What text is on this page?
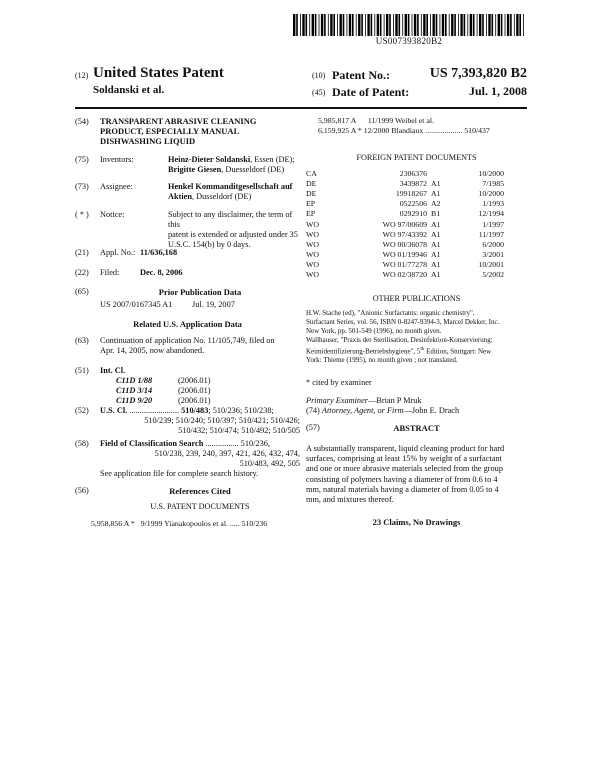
US007393820B2
(12) United States Patent
Soldanski et al.
(10) Patent No.:	US 7,393,820 B2
(45) Date of Patent:	Jul. 1, 2008
(54) TRANSPARENT ABRASIVE CLEANING
PRODUCT, ESPECIALLY MANUAL
DISHWASHING LIQUID
(75) Inventors:	Heinz-Dieter Soldanski, Essen (DE);
Brigitte Giesen, Duesseldorf (DE)
(73) Assignee:	Henkel Kommanditgesellschaft auf
Aktien, Dusseldorf (DE)
( * ) Notice:	Subject to any disclaimer, the term of this
patent is extended or adjusted under 35
U.S.C. 154(b) by 0 days.
(21) Appl. No.: 11/636,168
(22) Filed: Dec. 8, 2006
(65)	Prior Publication Data
US 2007/0167345 A1 Jul. 19, 2007
Related U.S. Application Data
(63) Continuation of application No. 11/105,749, filed on
Apr. 14, 2005, now abandoned.
(51) Int. Cl.
C11D 1/88	(2006.01)
C11D 3/14	(2006.01)
C11D 9/20	(2006.01)
(52) U.S. Cl. ........................ 510/483; 510/236; 510/238;
510/239; 510/240; 510/397; 510/421; 510/426;
510/432; 510/474; 510/492; 510/505
(58) Field of Classification Search ................ 510/236,
510/238, 239, 240, 397, 421, 426, 432, 474,
510/483, 492, 505
See application file for complete search history.
(56)	References Cited
U.S. PATENT DOCUMENTS
5,958,856 A * 9/1999 Yianakopoulos et al. ..... 510/236
5,985,817 A 11/1999 Weibel et al.
6,159,925 A * 12/2000 Blandiaux ................... 510/437
FOREIGN PATENT DOCUMENTS
CA	2306376		10/2000
DE	3439872	A1	7/1985
DE	19918267	A1	10/2000
EP	0522506	A2	1/1993
EP	0292910	B1	12/1994
WO	WO 97/00609	A1	1/1997
WO	WO 97/43392	A1	11/1997
WO	WO 00/36078	A1	6/2000
WO	WO 01/19946	A1	3/2001
WO	WO 01/77278	A1	10/2001
WO	WO 02/38720	A1	5/2002
OTHER PUBLICATIONS
H.W. Stache (ed), "Anionic Surfactants: organic chemistry",
Surfactant Series, vol. 56, ISBN 0-8247-9394-3, Marcel Dekker, Inc.
New York, pp. 501-549 (1996), no month given.
Wallhauser, "Praxis der Sterilisation, Desinfektion-Konservierung:
Keimidentifizierung-Betriebshygiene", 5th Edition, Stuttgart: New
York: Thieme (1995), no month given ; not translated.
* cited by examiner
Primary Examiner—Brian P Mruk
(74) Attorney, Agent, or Firm—John E. Drach
(57)	ABSTRACT
A substantially transparent, liquid cleaning product for hard
surfaces, comprising at least 15% by weight of a surfactant
and one or more abrasive materials selected from the group
consisting of polymers having a diameter of from 0.6 to 4
mm, natural materials having a diameter of from 0.05 to 4
mm, and mixtures thereof.
23 Claims, No Drawings
